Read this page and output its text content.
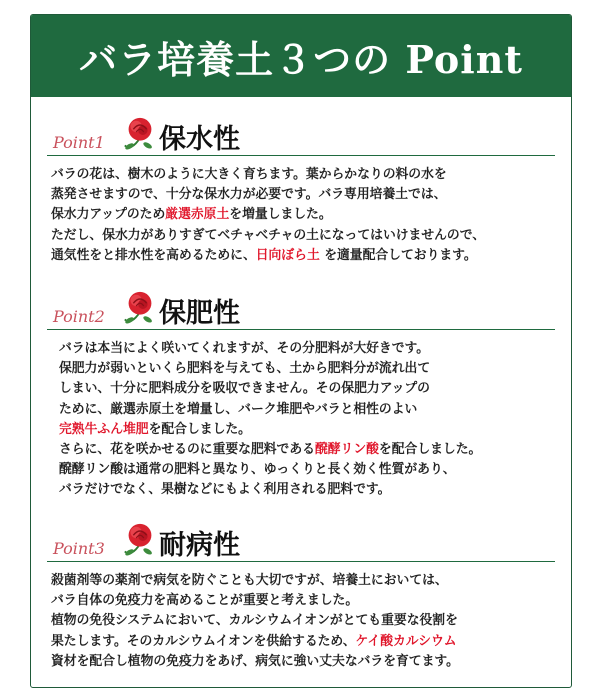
バラ培養土３つの Point
Point1 保水性
バラの花は、樹木のように大きく育ちます。葉からかなりの料の水を
蒸発させますので、十分な保水力が必要です。バラ専用培養土では、
保水力アップのため厳選赤原土を増量しました。
ただし、保水力がありすぎてベチャベチャの土になってはいけませんので、
通気性をと排水性を高めるために、日向ぼら土 を適量配合しております。
Point2 保肥性
バラは本当によく咲いてくれますが、その分肥料が大好きです。
保肥力が弱いといくら肥料を与えても、土から肥料分が流れ出て
しまい、十分に肥料成分を吸収できません。その保肥力アップの
ために、厳選赤原土を増量し、バーク堆肥やバラと相性のよい
完熟牛ふん堆肥を配合しました。
さらに、花を咲かせるのに重要な肥料である醗酵リン酸を配合しました。
醗酵リン酸は通常の肥料と異なり、ゆっくりと長く効く性質があり、
バラだけでなく、果樹などにもよく利用される肥料です。
Point3 耐病性
殺菌剤等の薬剤で病気を防ぐことも大切ですが、培養土においては、
バラ自体の免疫力を高めることが重要と考えました。
植物の免役システムにおいて、カルシウムイオンがとても重要な役割を
果たします。そのカルシウムイオンを供給するため、ケイ酸カルシウム
資材を配合し植物の免疫力をあげ、病気に強い丈夫なバラを育てます。
